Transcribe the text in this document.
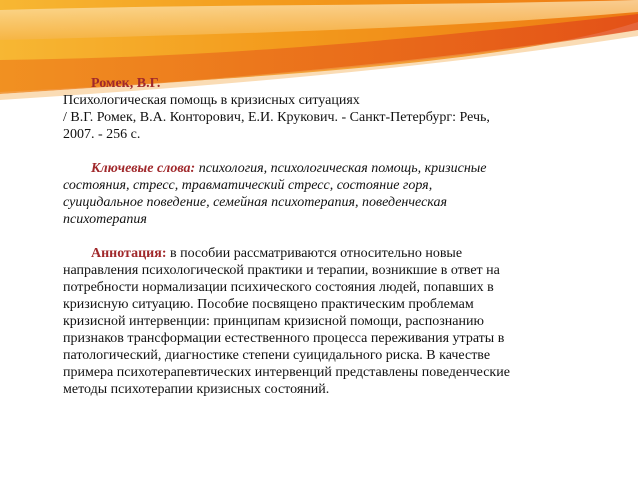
Ромек, В.Г.
Психологическая помощь в кризисных ситуациях
/ В.Г. Ромек, В.А. Конторович, Е.И. Крукович. - Санкт-Петербург: Речь,
2007. - 256 с.
Ключевые слова: психология, психологическая помощь, кризисные
состояния, стресс, травматический стресс, состояние горя,
суицидальное поведение, семейная психотерапия, поведенческая
психотерапия
Аннотация: в пособии рассматриваются относительно новые
направления психологической практики и терапии, возникшие в ответ на
потребности нормализации психического состояния людей, попавших в
кризисную ситуацию. Пособие посвящено практическим проблемам
кризисной интервенции: принципам кризисной помощи, распознанию
признаков трансформации естественного процесса переживания утраты в
патологический, диагностике степени суицидального риска. В качестве
примера психотерапевтических интервенций представлены поведенческие
методы психотерапии кризисных состояний.
